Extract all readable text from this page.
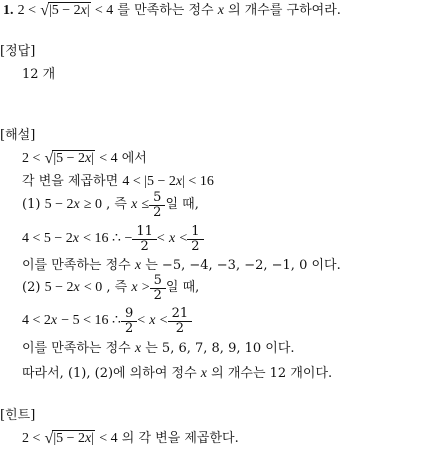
1. 2 < √|5 − 2x| < 4 를 만족하는 정수 x 의 개수를 구하여라.
[정답]
12 개
[해설]
2 < √|5 − 2x| < 4 에서
각 변을 제곱하면 4 < |5 − 2x| < 16
(1)
5 − 2 x
≥ 0
, 즉
x
≤ $\frac{5}{2}$ 일 때,
4 < 5 − 2 x
< 16 ∴ − $\frac{11}{2}$ <
x
< $\frac{1}{2}$
이를 만족하는 정수 x 는 −5, −4, −3, −2, −1, 0 이다.
(2)
5 − 2 x
< 0
, 즉
x
> $\frac{5}{2}$ 일 때,
4 < 2 x
− 5 < 16 ∴ $\frac{9}{2}$ <
x
< $\frac{21}{2}$
이를 만족하는 정수 x 는 5, 6, 7, 8, 9, 10 이다.
따라서, (1), (2)에 의하여 정수 x 의 개수는 12 개이다.
[힌트]
2 < √|5 − 2x| < 4 의 각 변을 제곱한다.
